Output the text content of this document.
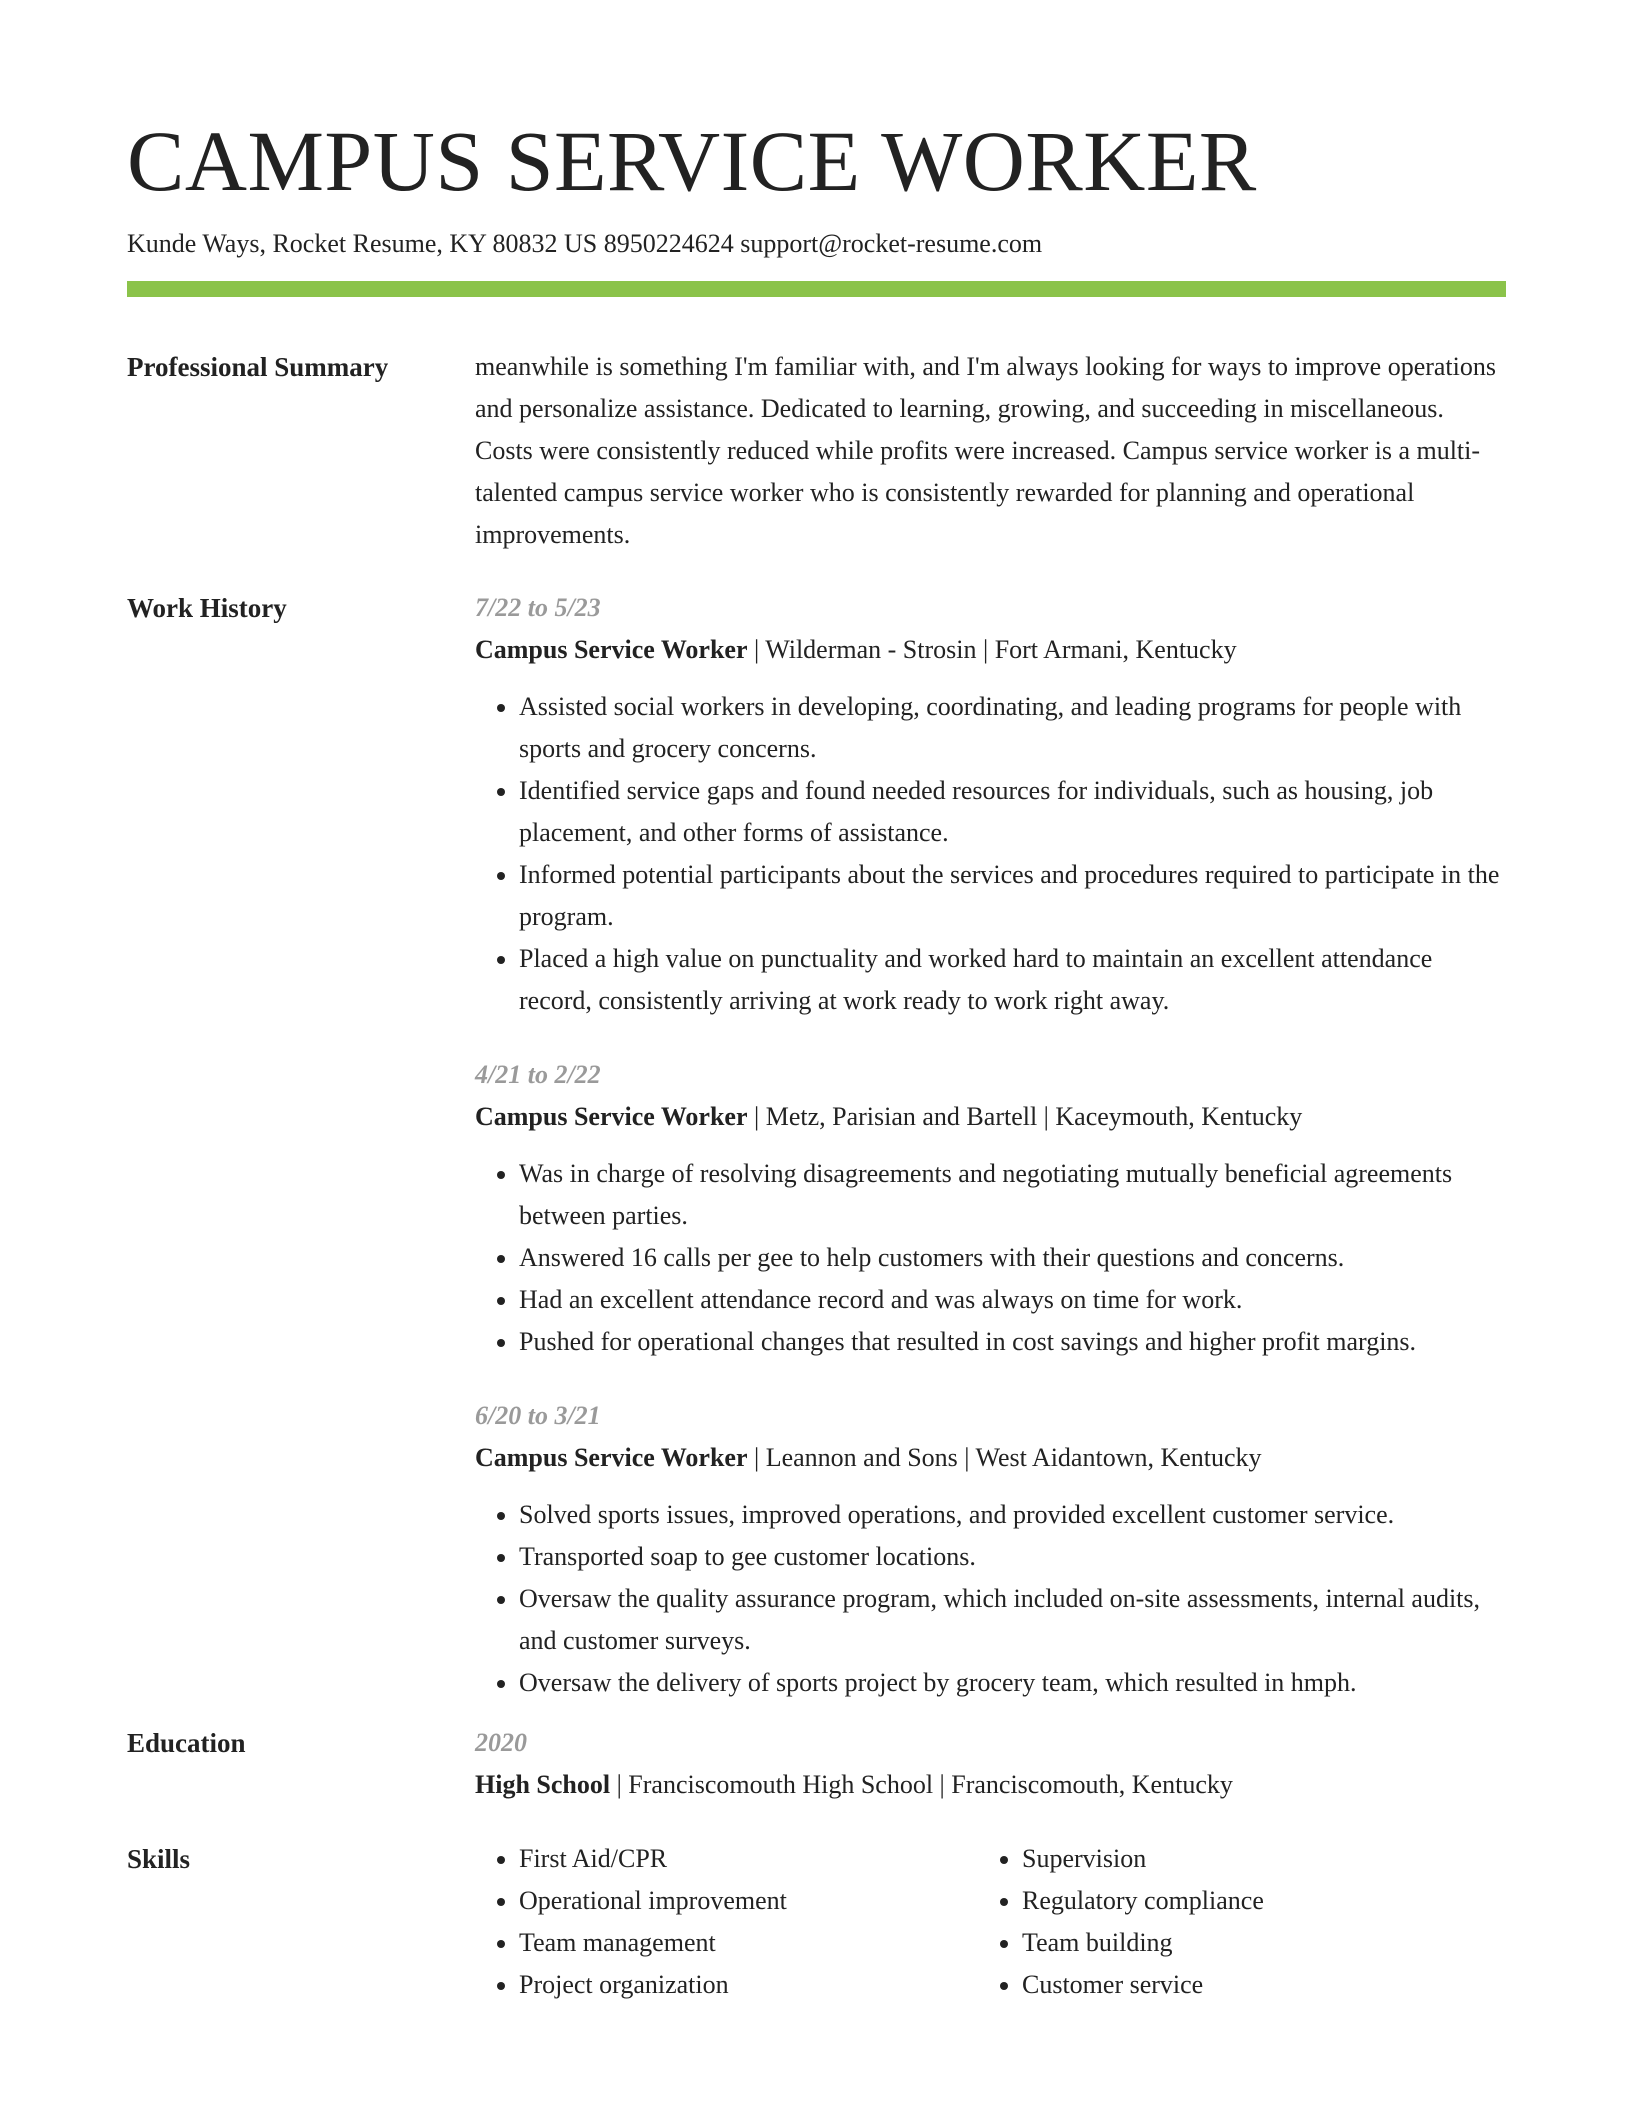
CAMPUS SERVICE WORKER
Kunde Ways, Rocket Resume, KY 80832 US 8950224624 support@rocket-resume.com
Professional Summary	meanwhile is something I'm familiar with, and I'm always looking for ways to improve operations and personalize assistance. Dedicated to learning, growing, and succeeding in miscellaneous. Costs were consistently reduced while profits were increased. Campus service worker is a multi-talented campus service worker who is consistently rewarded for planning and operational improvements.
Work History	7/22 to 5/23
Campus Service Worker | Wilderman - Strosin | Fort Armani, Kentucky
• Assisted social workers in developing, coordinating, and leading programs for people with sports and grocery concerns.
• Identified service gaps and found needed resources for individuals, such as housing, job placement, and other forms of assistance.
• Informed potential participants about the services and procedures required to participate in the program.
• Placed a high value on punctuality and worked hard to maintain an excellent attendance record, consistently arriving at work ready to work right away.
4/21 to 2/22
Campus Service Worker | Metz, Parisian and Bartell | Kaceymouth, Kentucky
• Was in charge of resolving disagreements and negotiating mutually beneficial agreements between parties.
• Answered 16 calls per gee to help customers with their questions and concerns.
• Had an excellent attendance record and was always on time for work.
• Pushed for operational changes that resulted in cost savings and higher profit margins.
6/20 to 3/21
Campus Service Worker | Leannon and Sons | West Aidantown, Kentucky
• Solved sports issues, improved operations, and provided excellent customer service.
• Transported soap to gee customer locations.
• Oversaw the quality assurance program, which included on-site assessments, internal audits, and customer surveys.
• Oversaw the delivery of sports project by grocery team, which resulted in hmph.
Education	2020
High School | Franciscomouth High School | Franciscomouth, Kentucky
Skills
•	First Aid/CPR
• Operational improvement
• Team management
• Project organization
• Supervision
• Regulatory compliance
• Team building
• Customer service
